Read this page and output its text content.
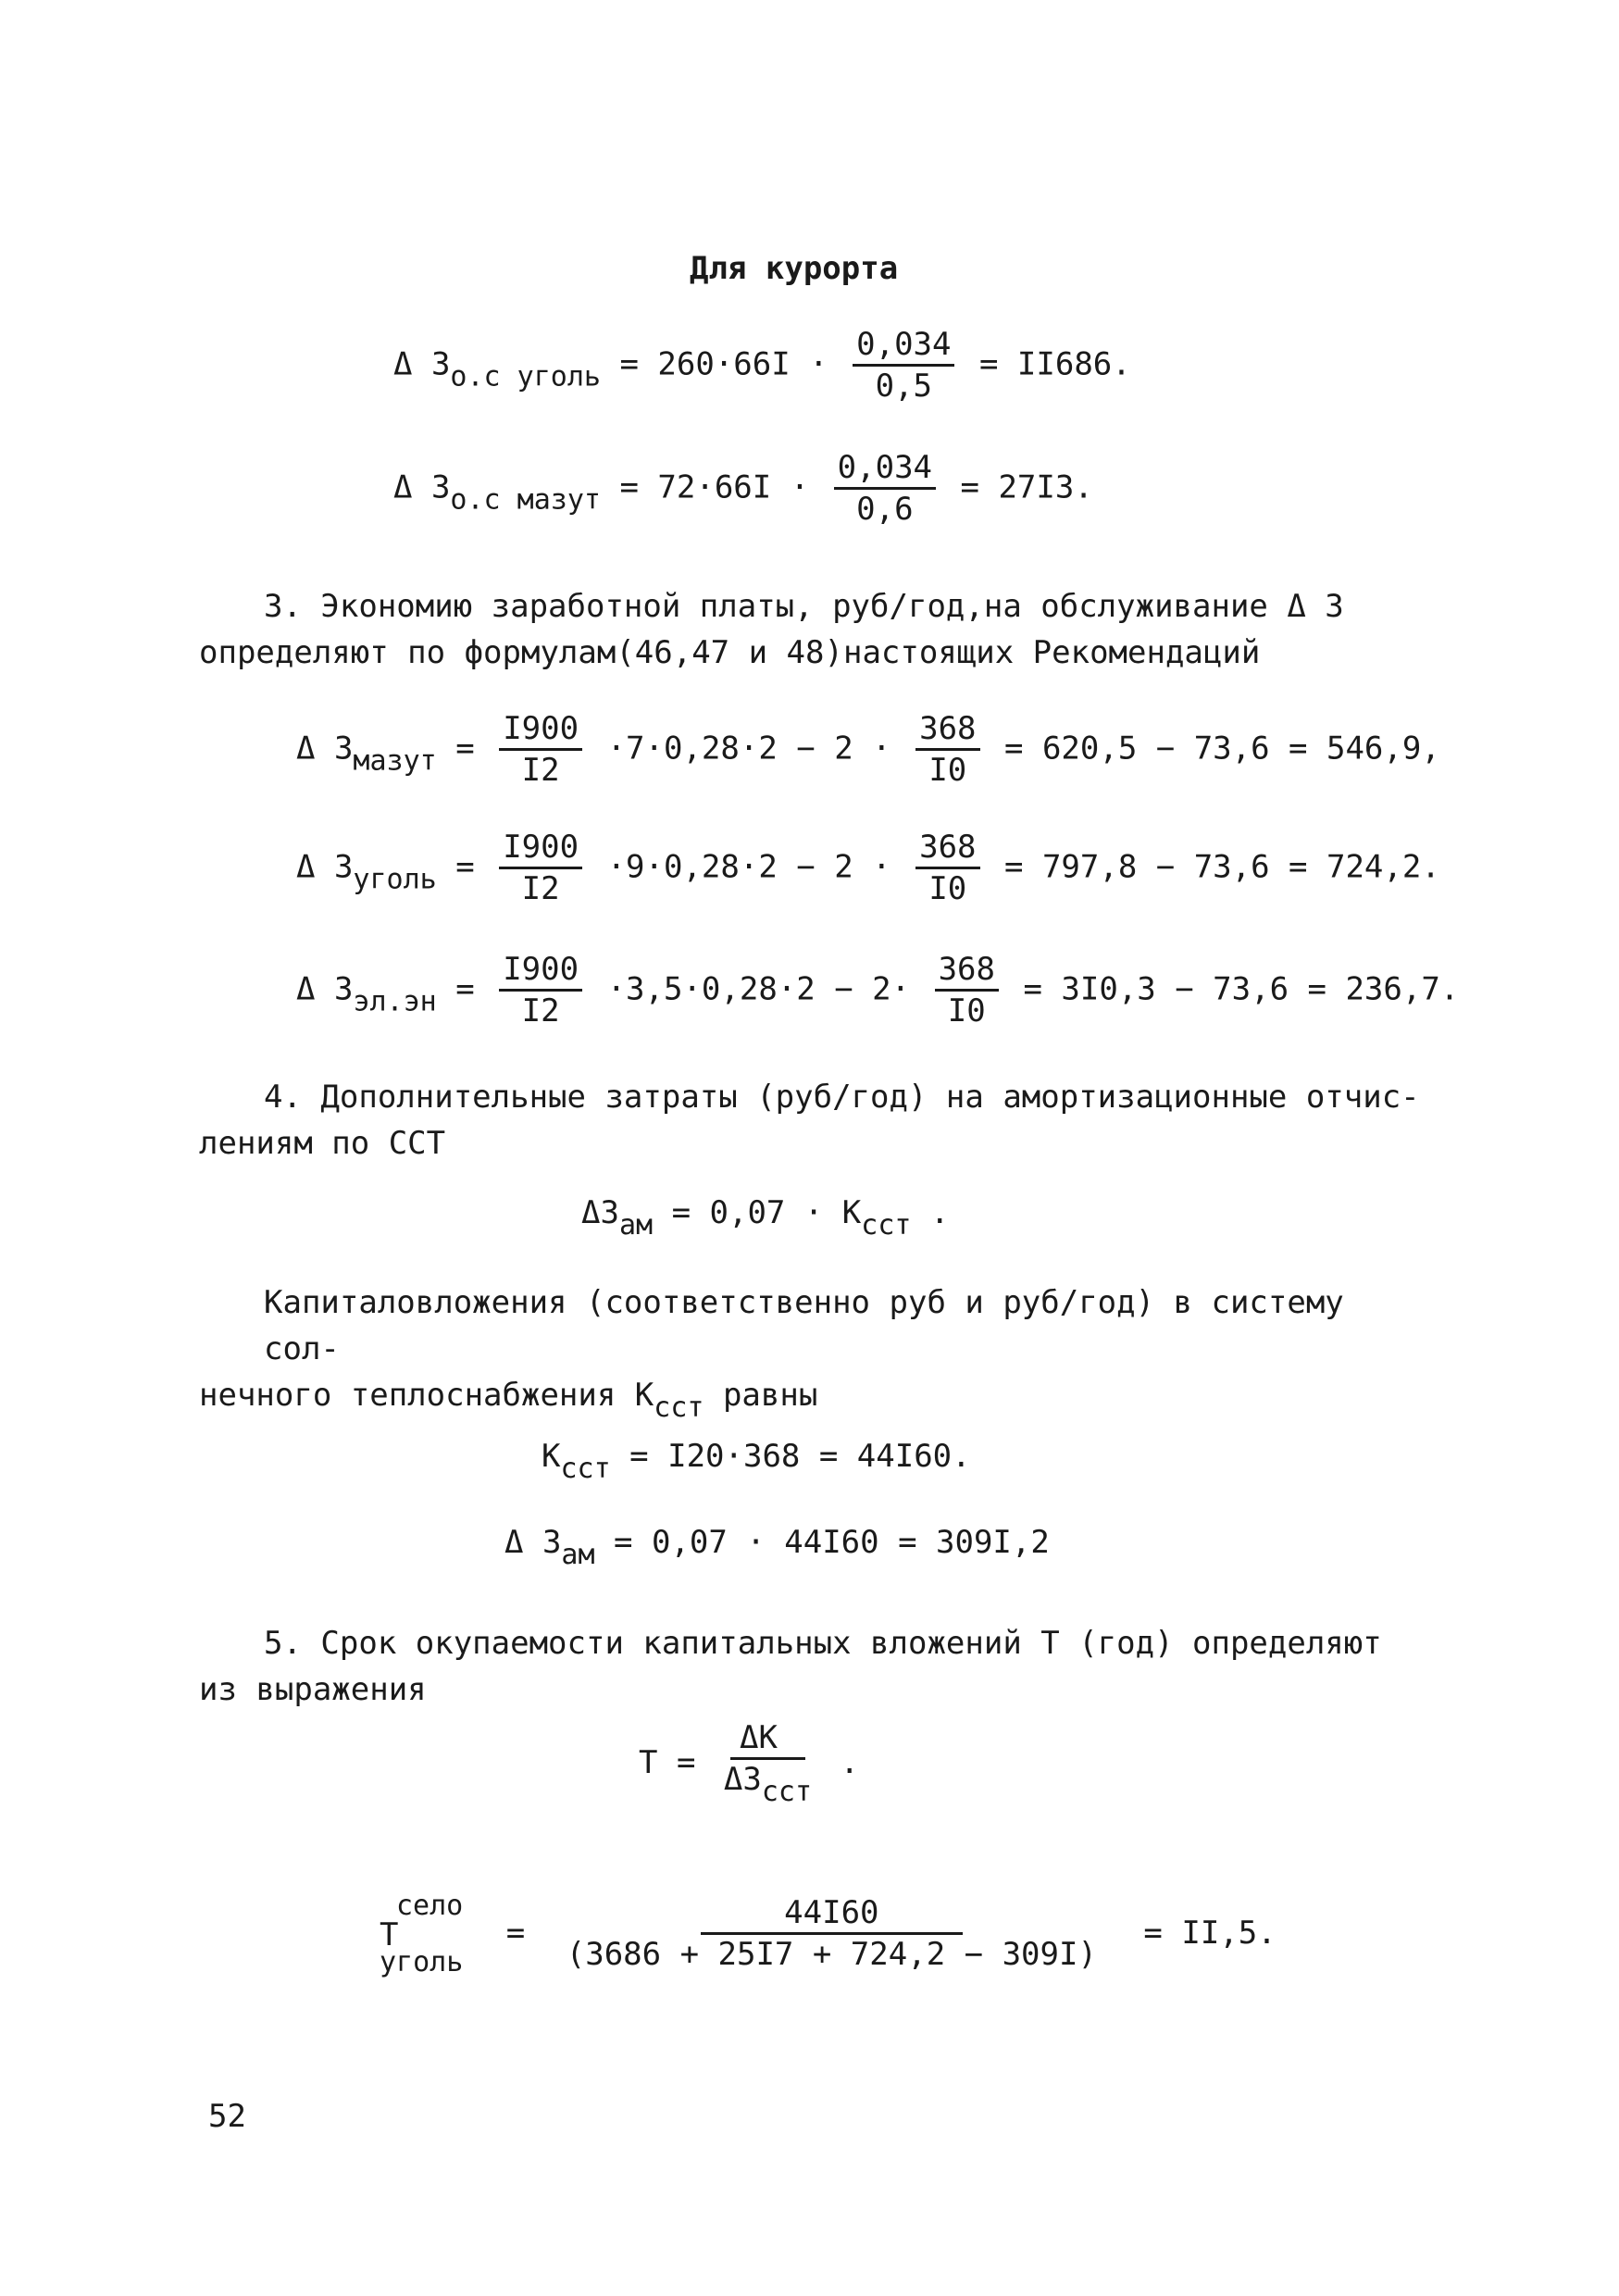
Для курорта
Δ $З_{о.с уголь} = 260\cdot 66I \cdot \frac{0,034}{0,5} = II686$.
Δ $З_{о.с мазут} = 72\cdot 66I \cdot \frac{0,034}{0,6} = 27I3$.
3. Экономию заработной платы, руб/год,на обслуживание Δ З
определяют по формулам(46,47 и 48)настоящих Рекомендаций
Δ $З_{мазут} = \frac{I900}{I2} \cdot 7\cdot 0,28\cdot 2 - 2 \cdot \frac{368}{I0} = 620,5 - 73,6 = 546,9$,
Δ $З_{уголь} = \frac{I900}{I2} \cdot 9\cdot 0,28\cdot 2 - 2 \cdot \frac{368}{I0} = 797,8 - 73,6 = 724,2$.
Δ $З_{эл.эн} = \frac{I900}{I2} \cdot 3,5\cdot 0,28\cdot 2 - 2\cdot \frac{368}{I0} = 3I0,3 - 73,6 = 236,7$.
4. Дополнительные затраты (руб/год) на амортизационные отчис-
лениям по ССТ
$\Delta З_{ам} = 0,07 \cdot К_{сст}$ .
Капиталовложения (соответственно руб и руб/год) в систему сол-
нечного теплоснабжения $К_{сст}$ равны
$К_{сст} = I20\cdot 368 = 44I60$.
Δ $З_{ам} = 0,07 \cdot 44I60 = 309I,2$
5. Срок окупаемости капитальных вложений Т (год) определяют
из выражения
$Т = \frac{\Delta К}{\Delta З_{сст}}$ .
село
Т
уголь
= $\frac{44I60}{(3686 + 25I7 + 724,2 - 309I)} = II,5$.
52
